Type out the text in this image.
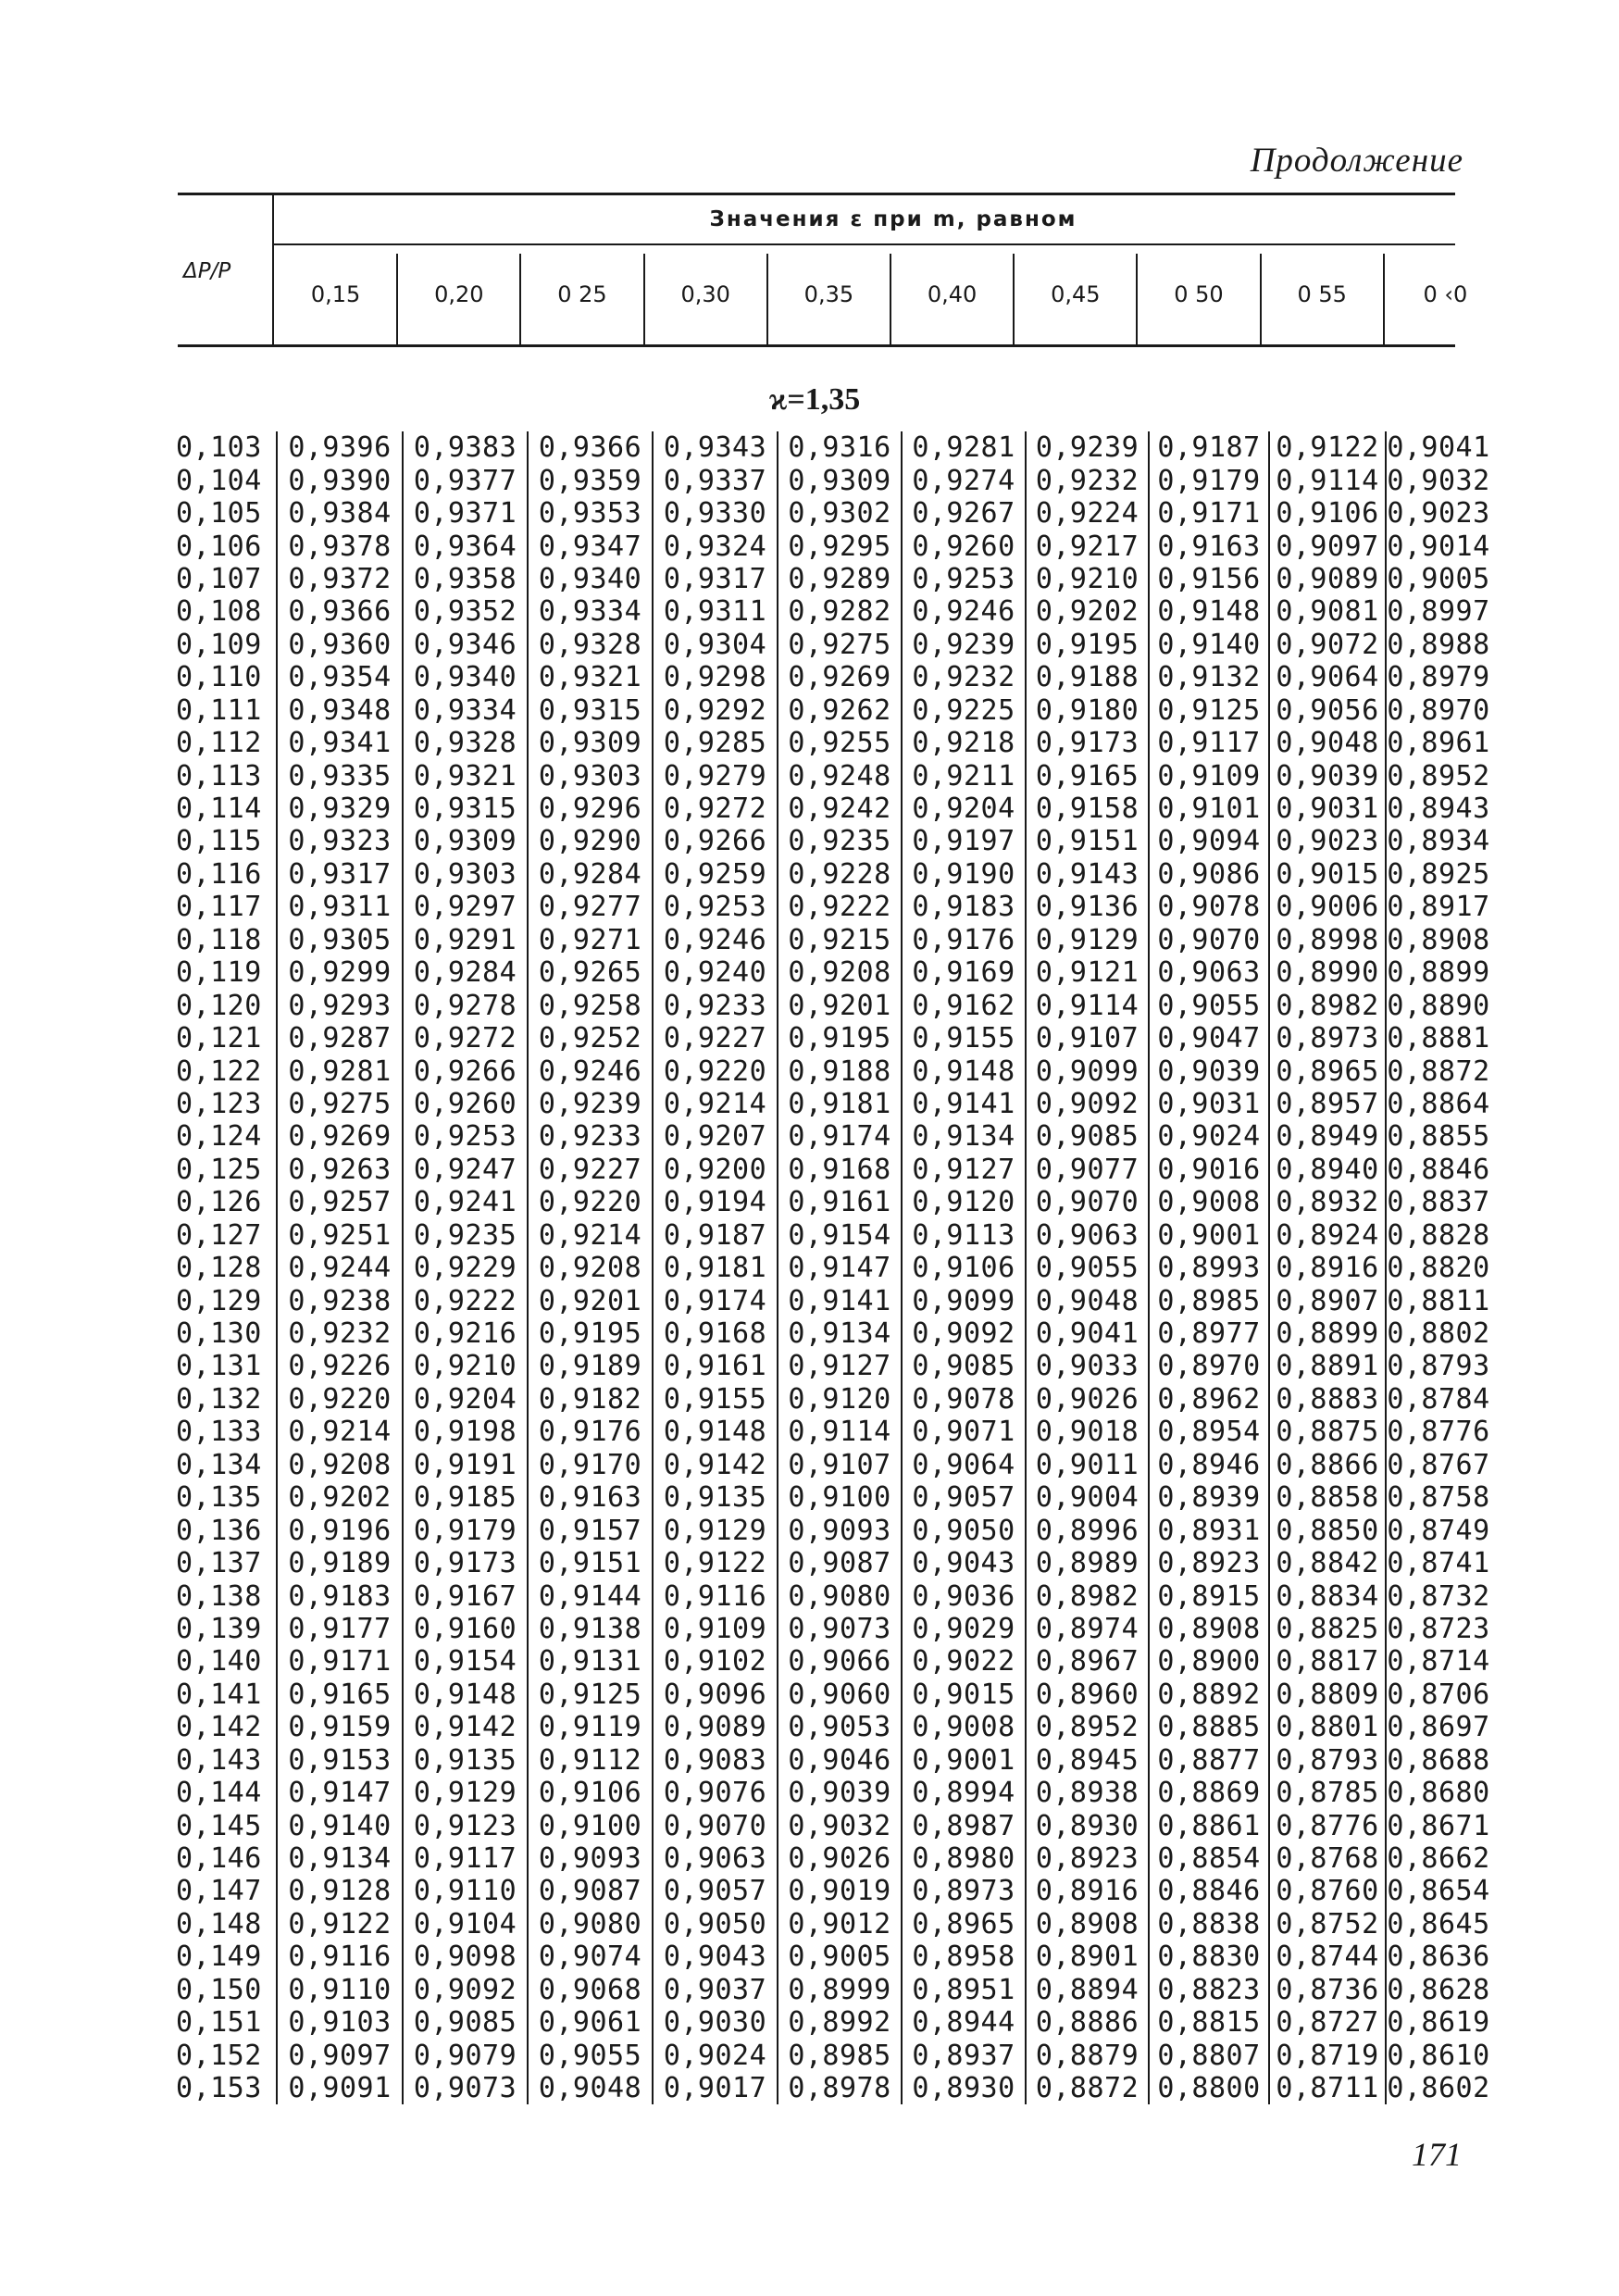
Продолжение
ΔP/P
Значения ε при m, равном
0,15	0,20	0 25	0,30	0,35	0,40	0,45	0 50	0 55	0 ‹0
ϰ=1,35
0,103	0,9396	0,9383	0,9366	0,9343	0,9316	0,9281	0,9239	0,9187	0,9122	0,9041
0,104	0,9390	0,9377	0,9359	0,9337	0,9309	0,9274	0,9232	0,9179	0,9114	0,9032
0,105	0,9384	0,9371	0,9353	0,9330	0,9302	0,9267	0,9224	0,9171	0,9106	0,9023
0,106	0,9378	0,9364	0,9347	0,9324	0,9295	0,9260	0,9217	0,9163	0,9097	0,9014
0,107	0,9372	0,9358	0,9340	0,9317	0,9289	0,9253	0,9210	0,9156	0,9089	0,9005
0,108	0,9366	0,9352	0,9334	0,9311	0,9282	0,9246	0,9202	0,9148	0,9081	0,8997
0,109	0,9360	0,9346	0,9328	0,9304	0,9275	0,9239	0,9195	0,9140	0,9072	0,8988
0,110	0,9354	0,9340	0,9321	0,9298	0,9269	0,9232	0,9188	0,9132	0,9064	0,8979
0,111	0,9348	0,9334	0,9315	0,9292	0,9262	0,9225	0,9180	0,9125	0,9056	0,8970
0,112	0,9341	0,9328	0,9309	0,9285	0,9255	0,9218	0,9173	0,9117	0,9048	0,8961
0,113	0,9335	0,9321	0,9303	0,9279	0,9248	0,9211	0,9165	0,9109	0,9039	0,8952
0,114	0,9329	0,9315	0,9296	0,9272	0,9242	0,9204	0,9158	0,9101	0,9031	0,8943
0,115	0,9323	0,9309	0,9290	0,9266	0,9235	0,9197	0,9151	0,9094	0,9023	0,8934
0,116	0,9317	0,9303	0,9284	0,9259	0,9228	0,9190	0,9143	0,9086	0,9015	0,8925
0,117	0,9311	0,9297	0,9277	0,9253	0,9222	0,9183	0,9136	0,9078	0,9006	0,8917
0,118	0,9305	0,9291	0,9271	0,9246	0,9215	0,9176	0,9129	0,9070	0,8998	0,8908
0,119	0,9299	0,9284	0,9265	0,9240	0,9208	0,9169	0,9121	0,9063	0,8990	0,8899
0,120	0,9293	0,9278	0,9258	0,9233	0,9201	0,9162	0,9114	0,9055	0,8982	0,8890
0,121	0,9287	0,9272	0,9252	0,9227	0,9195	0,9155	0,9107	0,9047	0,8973	0,8881
0,122	0,9281	0,9266	0,9246	0,9220	0,9188	0,9148	0,9099	0,9039	0,8965	0,8872
0,123	0,9275	0,9260	0,9239	0,9214	0,9181	0,9141	0,9092	0,9031	0,8957	0,8864
0,124	0,9269	0,9253	0,9233	0,9207	0,9174	0,9134	0,9085	0,9024	0,8949	0,8855
0,125	0,9263	0,9247	0,9227	0,9200	0,9168	0,9127	0,9077	0,9016	0,8940	0,8846
0,126	0,9257	0,9241	0,9220	0,9194	0,9161	0,9120	0,9070	0,9008	0,8932	0,8837
0,127	0,9251	0,9235	0,9214	0,9187	0,9154	0,9113	0,9063	0,9001	0,8924	0,8828
0,128	0,9244	0,9229	0,9208	0,9181	0,9147	0,9106	0,9055	0,8993	0,8916	0,8820
0,129	0,9238	0,9222	0,9201	0,9174	0,9141	0,9099	0,9048	0,8985	0,8907	0,8811
0,130	0,9232	0,9216	0,9195	0,9168	0,9134	0,9092	0,9041	0,8977	0,8899	0,8802
0,131	0,9226	0,9210	0,9189	0,9161	0,9127	0,9085	0,9033	0,8970	0,8891	0,8793
0,132	0,9220	0,9204	0,9182	0,9155	0,9120	0,9078	0,9026	0,8962	0,8883	0,8784
0,133	0,9214	0,9198	0,9176	0,9148	0,9114	0,9071	0,9018	0,8954	0,8875	0,8776
0,134	0,9208	0,9191	0,9170	0,9142	0,9107	0,9064	0,9011	0,8946	0,8866	0,8767
0,135	0,9202	0,9185	0,9163	0,9135	0,9100	0,9057	0,9004	0,8939	0,8858	0,8758
0,136	0,9196	0,9179	0,9157	0,9129	0,9093	0,9050	0,8996	0,8931	0,8850	0,8749
0,137	0,9189	0,9173	0,9151	0,9122	0,9087	0,9043	0,8989	0,8923	0,8842	0,8741
0,138	0,9183	0,9167	0,9144	0,9116	0,9080	0,9036	0,8982	0,8915	0,8834	0,8732
0,139	0,9177	0,9160	0,9138	0,9109	0,9073	0,9029	0,8974	0,8908	0,8825	0,8723
0,140	0,9171	0,9154	0,9131	0,9102	0,9066	0,9022	0,8967	0,8900	0,8817	0,8714
0,141	0,9165	0,9148	0,9125	0,9096	0,9060	0,9015	0,8960	0,8892	0,8809	0,8706
0,142	0,9159	0,9142	0,9119	0,9089	0,9053	0,9008	0,8952	0,8885	0,8801	0,8697
0,143	0,9153	0,9135	0,9112	0,9083	0,9046	0,9001	0,8945	0,8877	0,8793	0,8688
0,144	0,9147	0,9129	0,9106	0,9076	0,9039	0,8994	0,8938	0,8869	0,8785	0,8680
0,145	0,9140	0,9123	0,9100	0,9070	0,9032	0,8987	0,8930	0,8861	0,8776	0,8671
0,146	0,9134	0,9117	0,9093	0,9063	0,9026	0,8980	0,8923	0,8854	0,8768	0,8662
0,147	0,9128	0,9110	0,9087	0,9057	0,9019	0,8973	0,8916	0,8846	0,8760	0,8654
0,148	0,9122	0,9104	0,9080	0,9050	0,9012	0,8965	0,8908	0,8838	0,8752	0,8645
0,149	0,9116	0,9098	0,9074	0,9043	0,9005	0,8958	0,8901	0,8830	0,8744	0,8636
0,150	0,9110	0,9092	0,9068	0,9037	0,8999	0,8951	0,8894	0,8823	0,8736	0,8628
0,151	0,9103	0,9085	0,9061	0,9030	0,8992	0,8944	0,8886	0,8815	0,8727	0,8619
0,152	0,9097	0,9079	0,9055	0,9024	0,8985	0,8937	0,8879	0,8807	0,8719	0,8610
0,153	0,9091	0,9073	0,9048	0,9017	0,8978	0,8930	0,8872	0,8800	0,8711	0,8602
171
